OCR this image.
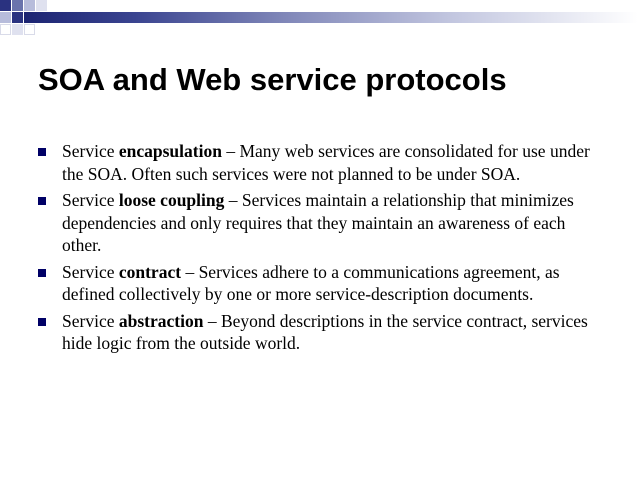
SOA and Web service protocols
Service encapsulation – Many web services are consolidated for use under the SOA. Often such services were not planned to be under SOA.
Service loose coupling – Services maintain a relationship that minimizes dependencies and only requires that they maintain an awareness of each other.
Service contract – Services adhere to a communications agreement, as defined collectively by one or more service-description documents.
Service abstraction – Beyond descriptions in the service contract, services hide logic from the outside world.
